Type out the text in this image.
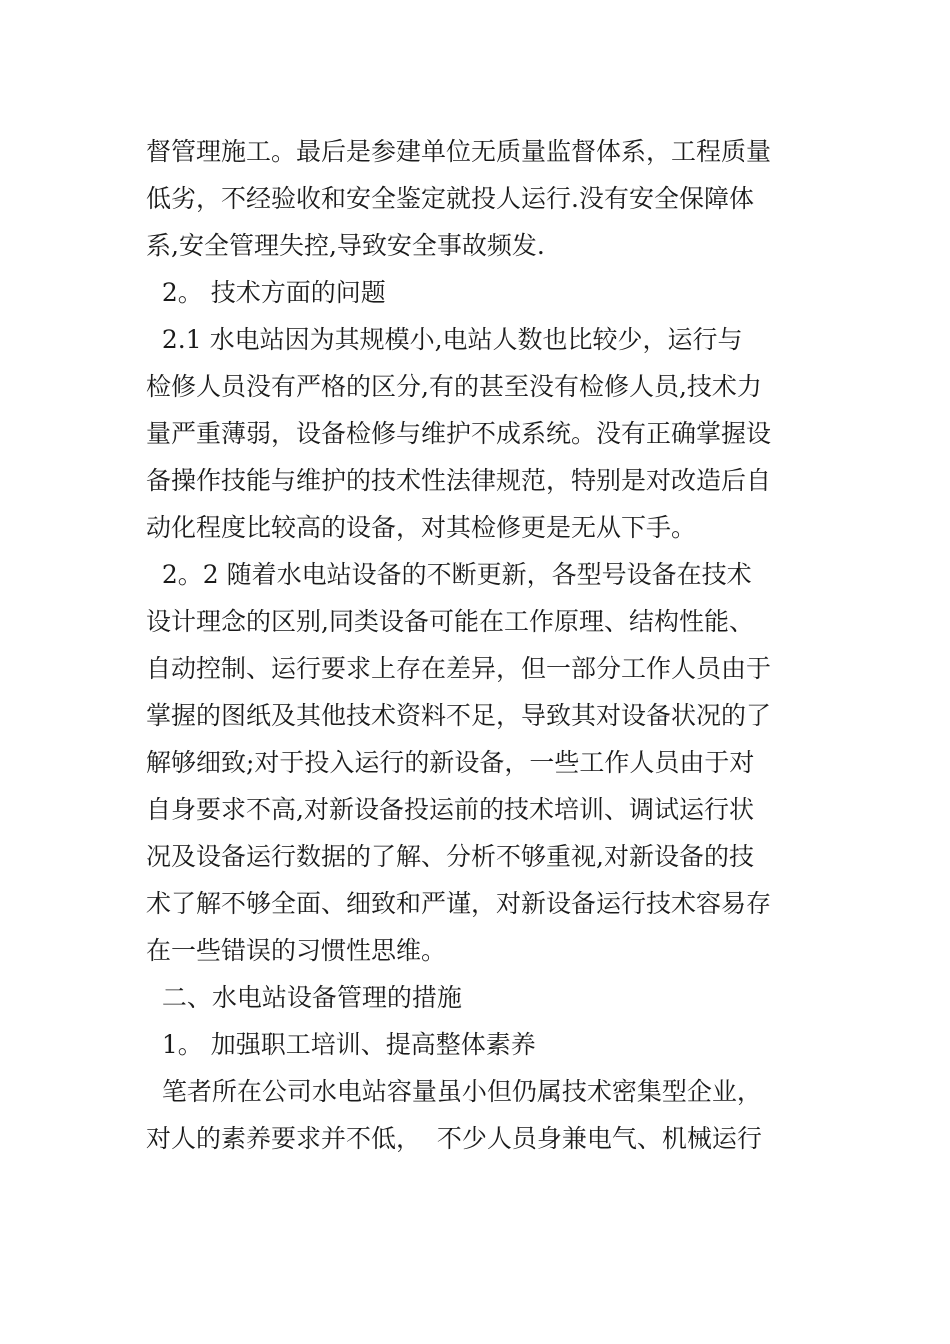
督管理施工。最后是参建单位无质量监督体系，工程质量
低劣，不经验收和安全鉴定就投人运行.没有安全保障体
系,安全管理失控,导致安全事故频发.
2。 技术方面的问题
2.1 水电站因为其规模小,电站人数也比较少，运行与
检修人员没有严格的区分,有的甚至没有检修人员,技术力
量严重薄弱，设备检修与维护不成系统。没有正确掌握设
备操作技能与维护的技术性法律规范，特别是对改造后自
动化程度比较高的设备，对其检修更是无从下手。
2。2 随着水电站设备的不断更新，各型号设备在技术
设计理念的区别,同类设备可能在工作原理、结构性能、
自动控制、运行要求上存在差异，但一部分工作人员由于
掌握的图纸及其他技术资料不足，导致其对设备状况的了
解够细致;对于投入运行的新设备，一些工作人员由于对
自身要求不高,对新设备投运前的技术培训、调试运行状
况及设备运行数据的了解、分析不够重视,对新设备的技
术了解不够全面、细致和严谨，对新设备运行技术容易存
在一些错误的习惯性思维。
二、水电站设备管理的措施
1。 加强职工培训、提高整体素养
笔者所在公司水电站容量虽小但仍属技术密集型企业，
对人的素养要求并不低，  不少人员身兼电气、机械运行
